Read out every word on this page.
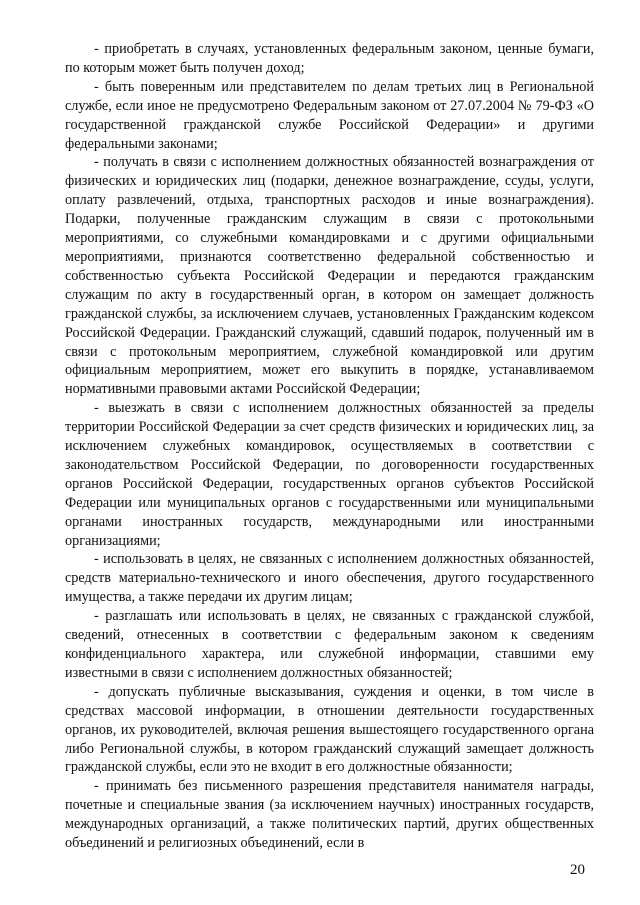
- приобретать в случаях, установленных федеральным законом, ценные бумаги, по которым может быть получен доход;

- быть поверенным или представителем по делам третьих лиц в Региональной службе, если иное не предусмотрено Федеральным законом от 27.07.2004 № 79-ФЗ «О государственной гражданской службе Российской Федерации» и другими федеральными законами;

- получать в связи с исполнением должностных обязанностей вознаграждения от физических и юридических лиц (подарки, денежное вознаграждение, ссуды, услуги, оплату развлечений, отдыха, транспортных расходов и иные вознаграждения). Подарки, полученные гражданским служащим в связи с протокольными мероприятиями, со служебными командировками и с другими официальными мероприятиями, признаются соответственно федеральной собственностью и собственностью субъекта Российской Федерации и передаются гражданским служащим по акту в государственный орган, в котором он замещает должность гражданской службы, за исключением случаев, установленных Гражданским кодексом Российской Федерации. Гражданский служащий, сдавший подарок, полученный им в связи с протокольным мероприятием, служебной командировкой или другим официальным мероприятием, может его выкупить в порядке, устанавливаемом нормативными правовыми актами Российской Федерации;

- выезжать в связи с исполнением должностных обязанностей за пределы территории Российской Федерации за счет средств физических и юридических лиц, за исключением служебных командировок, осуществляемых в соответствии с законодательством Российской Федерации, по договоренности государственных органов Российской Федерации, государственных органов субъектов Российской Федерации или муниципальных органов с государственными или муниципальными органами иностранных государств, международными или иностранными организациями;

- использовать в целях, не связанных с исполнением должностных обязанностей, средств материально-технического и иного обеспечения, другого государственного имущества, а также передачи их другим лицам;

- разглашать или использовать в целях, не связанных с гражданской службой, сведений, отнесенных в соответствии с федеральным законом к сведениям конфиденциального характера, или служебной информации, ставшими ему известными в связи с исполнением должностных обязанностей;

- допускать публичные высказывания, суждения и оценки, в том числе в средствах массовой информации, в отношении деятельности государственных органов, их руководителей, включая решения вышестоящего государственного органа либо Региональной службы, в котором гражданский служащий замещает должность гражданской службы, если это не входит в его должностные обязанности;

- принимать без письменного разрешения представителя нанимателя награды, почетные и специальные звания (за исключением научных) иностранных государств, международных организаций, а также политических партий, других общественных объединений и религиозных объединений, если в

20
